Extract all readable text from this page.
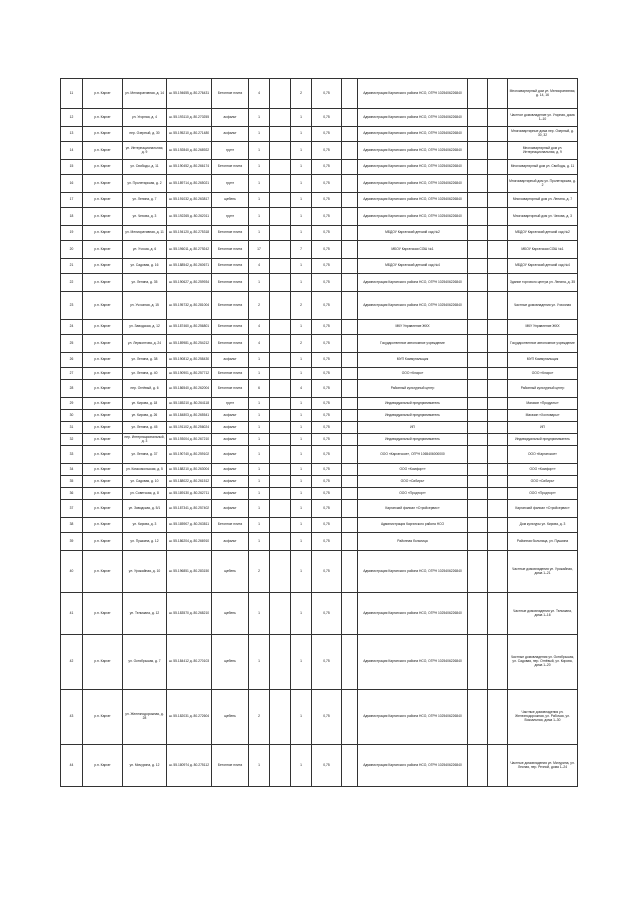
11	р.п. Каргат	ул. Мелиоративная, д. 14	ш. 55.194655 д. 80.276431	Бетонное плита	4		2	0,75		Администрация Каргатского района НСО, ОГРН 1025406226840			Многоквартирный дом ул. Мелиоративная, д. 14, 16
12	р.п. Каргат	ул. Угорная, д. 4	ш. 55.193110 д. 80.270255	асфальт	1		1	0,75		Администрация Каргатского района НСО, ОГРН 1025406226840			Частное домовладение ул. Угорная, дома 1–10
13	р.п. Каргат	пер. Озерный, д. 30	ш. 55.195210 д. 80.271480	асфальт	1		1	0,75		Администрация Каргатского района НСО, ОГРН 1025406226840			Многоквартирные дома пер. Озерный, д. 30, 32
14	р.п. Каргат	ул. Интернациональная, д. 9	ш. 55.192840 д. 80.268922	грунт	1		1	0,75		Администрация Каргатского района НСО, ОГРН 1025406226840			Многоквартирный дом ул. Интернациональная, д. 9
15	р.п. Каргат	ул. Свободы, д. 11	ш. 55.190452 д. 80.266174	Бетонное плита	1		1	0,75		Администрация Каргатского района НСО, ОГРН 1025406226840			Многоквартирный дом ул. Свободы, д. 11
16	р.п. Каргат	ул. Пролетарская, д. 2	ш. 55.189714 д. 80.265021	грунт	1		1	0,75		Администрация Каргатского района НСО, ОГРН 1025406226840			Многоквартирный дом ул. Пролетарская, д. 2
17	р.п. Каргат	ул. Ленина, д. 7	ш. 55.191032 д. 80.263817	щебень	1		1	0,75		Администрация Каргатского района НСО, ОГРН 1025406226840			Многоквартирный дом ул. Ленина, д. 7
18	р.п. Каргат	ул. Чехова, д. 3	ш. 55.192265 д. 80.262011	грунт	1		1	0,75		Администрация Каргатского района НСО, ОГРН 1025406226840			Многоквартирный дом ул. Чехова, д. 3
19	р.п. Каргат	ул. Мелиоративная, д. 11	ш. 55.194120 д. 80.275318	Бетонное плита	1		1	0,75		МБДОУ Каргатский детский сад №2			МБДОУ Каргатский детский сад №2
20	р.п. Каргат	ул. Учхоза, д. 6	ш. 55.196011 д. 80.279242	Бетонное плита	17		7	0,75		МБОУ Каргатская СОШ №1			МБОУ Каргатская СОШ №1
21	р.п. Каргат	ул. Садовая, д. 16	ш. 55.188542 д. 80.260671	Бетонное плита	4		1	0,75		МБДОУ Каргатский детский сад №4			МБДОУ Каргатский детский сад №4
22	р.п. Каргат	ул. Ленина, д. 35	ш. 55.190627 д. 80.259934	Бетонное плита	1		1	0,75		Администрация Каргатского района НСО, ОГРН 1025406226840			Здание торгового центра ул. Ленина, д. 35
23	р.п. Каргат	ул. Учхозная, д. 15	ш. 55.195732 д. 80.281004	Бетонное плита	2		2	0,75		Администрация Каргатского района НСО, ОГРН 1025406226840			Частные домовладения ул. Учхозная
24	р.п. Каргат	ул. Заводская, д. 12	ш. 55.187460 д. 80.256801	Бетонное плита	4		1	0,75		МКУ Управление ЖКХ			МКУ Управление ЖКХ
25	р.п. Каргат	ул. Лермонтова, д. 24	ш. 55.189981 д. 80.254212	Бетонное плита	4		2	0,75		Государственное автономное учреждение			Государственное автономное учреждение
26	р.п. Каргат	ул. Ленина, д. 38	ш. 55.190812 д. 80.258430	асфальт	1		1	0,75		МУП Коммунальщик			МУП Коммунальщик
27	р.п. Каргат	ул. Ленина, д. 40	ш. 55.190901 д. 80.257712	Бетонное плита	1		1	0,75		ООО «Кларо»			ООО «Кларо»
28	р.п. Каргат	пер. Огнёвый, д. 6	ш. 55.186540 д. 80.262004	Бетонное плита	6		4	0,75		Районный культурный центр			Районный культурный центр
29	р.п. Каргат	ул. Кирова, д. 18	ш. 55.185210 д. 80.264118	грунт	1		1	0,75		Индивидуальный предприниматель			Магазин «Продукты»
30	р.п. Каргат	ул. Кирова, д. 26	ш. 55.184803 д. 80.265541	асфальт	1		1	0,75		Индивидуальный предприниматель			Магазин «Хозтовары»
31	р.п. Каргат	ул. Ленина, д. 45	ш. 55.191102 д. 80.256024	асфальт	1		1	0,75		ИП			ИП
32	р.п. Каргат	пер. Интернациональный, д. 3	ш. 55.193004 д. 80.267210	асфальт	1		1	0,75		Индивидуальный предприниматель			Индивидуальный предприниматель
33	р.п. Каргат	ул. Ленина, д. 37	ш. 55.190740 д. 80.259102	асфальт	1		1	0,75		ООО «Каргатское», ОГРН 1065406000000			ООО «Каргатское»
34	р.п. Каргат	ул. Комсомольская, д. 5	ш. 55.188210 д. 80.263004	асфальт	1		1	0,75		ООО «Комфорт»			ООО «Комфорт»
35	р.п. Каргат	ул. Садовая, д. 10	ш. 55.188022 д. 80.261512	асфальт	1		1	0,75		ООО «Сибирь»			ООО «Сибирь»
36	р.п. Каргат	ул. Советская, д. 8	ш. 55.189130 д. 80.262711	асфальт	1		1	0,75		ООО «Продторг»			ООО «Продторг»
37	р.п. Каргат	ул. Заводская, д. 5/1	ш. 55.187341 д. 80.257402	асфальт	1		1	0,75		Каргатский филиал «Стройсервис»			Каргатский филиал «Стройсервис»
38	р.п. Каргат	ул. Кирова, д. 3	ш. 55.185907 д. 80.263811	Бетонное плита	1		1	0,75		Администрация Каргатского района НСО			Дом культуры ул. Кирова, д. 3
39	р.п. Каргат	ул. Пушкина, д. 12	ш. 55.186204 д. 80.266910	асфальт	1		1	0,75		Районная больница			Районная больница, ул. Пушкина
40	р.п. Каргат	ул. Урожайная, д. 10	ш. 55.196851 д. 80.283150	щебень	2		1	0,75		Администрация Каргатского района НСО, ОГРН 1025406226840			Частные домовладения ул. Урожайная, дома 1–21
41	р.п. Каргат	ул. Тельмана, д. 12	ш. 55.183570 д. 80.268210	щебень	1		1	0,75		Администрация Каргатского района НСО, ОГРН 1025406226840			Частные домовладения ул. Тельмана, дома 1–16
42	р.п. Каргат	ул. Октябрьская, д. 7	ш. 55.184412 д. 80.270103	щебень	1		1	0,75		Администрация Каргатского района НСО, ОГРН 1025406226840			Частные домовладения ул. Октябрьская, ул. Садовая, пер. Огнёвый, ул. Кирова, дома 1–20
43	р.п. Каргат	ул. Железнодорожная, д. 28	ш. 55.182031 д. 80.272604	щебень	2		1	0,75		Администрация Каргатского района НСО, ОГРН 1025406226840			Частные домовладения ул. Железнодорожная, ул. Рабочая, ул. Вокзальная, дома 1–30
44	р.п. Каргат	ул. Мичурина, д. 12	ш. 55.180974 д. 80.275112	Бетонное плита	1		1	0,75		Администрация Каргатского района НСО, ОГРН 1025406226840			Частные домовладения ул. Мичурина, ул. Лесная, пер. Речной, дома 1–24
